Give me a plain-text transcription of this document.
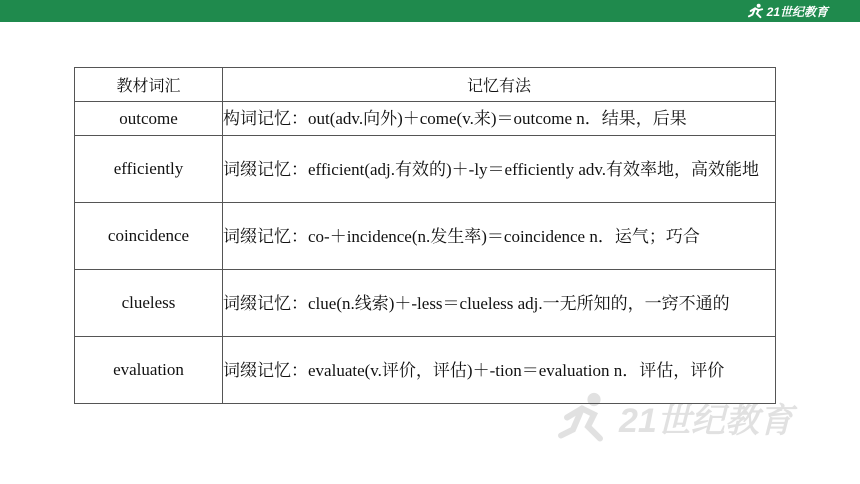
21世纪教育
21世纪教育
教材词汇	记忆有法
outcome	构词记忆：out(adv.向外)＋come(v.来)＝outcome n．结果，后果
efficiently	词缀记忆：efficient(adj.有效的)＋-ly＝efficiently adv.有效率地，高效能地
coincidence	词缀记忆：co-＋incidence(n.发生率)＝coincidence n．运气；巧合
clueless	词缀记忆：clue(n.线索)＋-less＝clueless adj.一无所知的，一窍不通的
evaluation	词缀记忆：evaluate(v.评价，评估)＋-tion＝evaluation n．评估，评价
